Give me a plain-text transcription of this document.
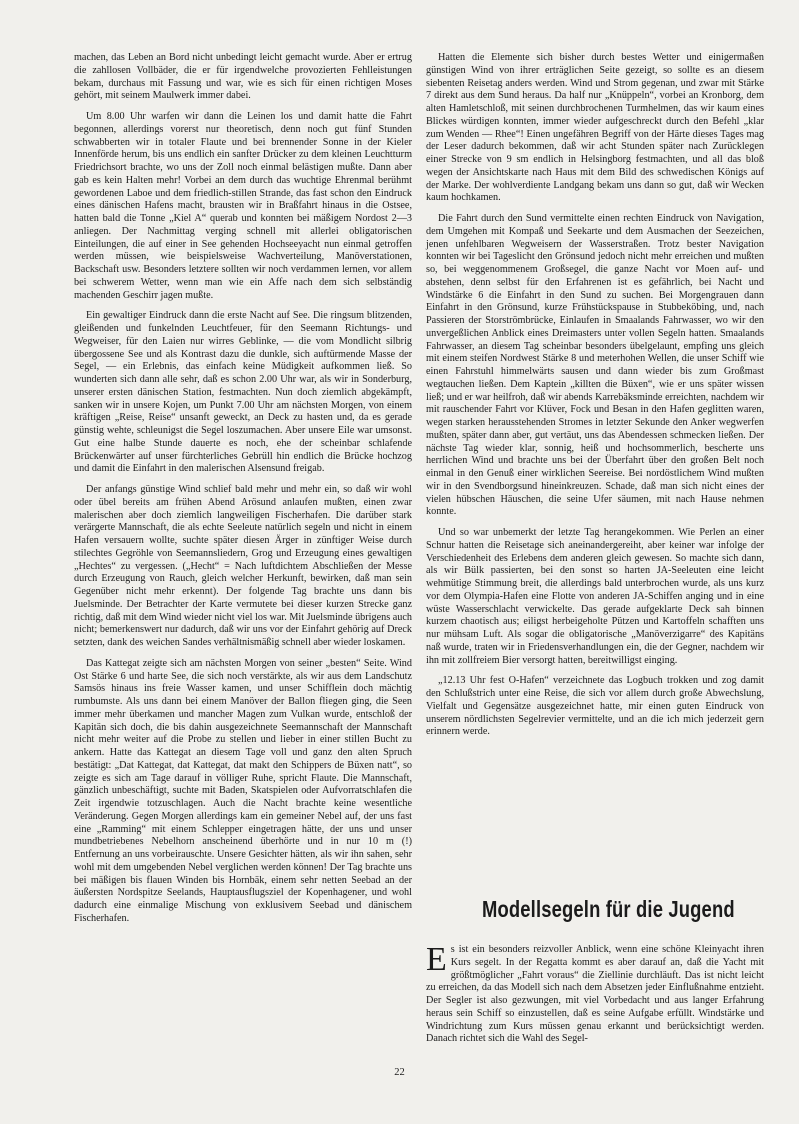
machen, das Leben an Bord nicht unbedingt leicht gemacht wurde. Aber er ertrug die zahllosen Vollbäder, die er für irgendwelche provozierten Fehlleistungen bekam, durchaus mit Fassung und war, wie es sich für einen richtigen Moses gehört, mit seinem Maulwerk immer dabei.

Um 8.00 Uhr warfen wir dann die Leinen los und damit hatte die Fahrt begonnen, allerdings vorerst nur theoretisch, denn noch gut fünf Stunden schwabberten wir in totaler Flaute und bei brennender Sonne in der Kieler Innenförde herum, bis uns endlich ein sanfter Drücker zu dem kleinen Leuchtturm Friedrichsort brachte, wo uns der Zoll noch einmal belästigen mußte. Dann aber gab es kein Halten mehr! Vorbei an dem durch das wuchtige Ehrenmal berühmt gewordenen Laboe und dem friedlich-stillen Strande, das fast schon den Eindruck eines dänischen Hafens macht, brausten wir in Braßfahrt hinaus in die Ostsee, hatten bald die Tonne „Kiel A“ querab und konnten bei mäßigem Nordost 2—3 anliegen. Der Nachmittag verging schnell mit allerlei obligatorischen Einteilungen, die auf einer in See gehenden Hochseeyacht nun einmal getroffen werden müssen, wie beispielsweise Wachverteilung, Manöverstationen, Backschaft usw. Besonders letztere sollten wir noch verdammen lernen, vor allem bei schwerem Wetter, wenn man wie ein Affe nach dem sich selbständig machenden Geschirr jagen mußte.

Ein gewaltiger Eindruck dann die erste Nacht auf See. Die ringsum blitzenden, gleißenden und funkelnden Leuchtfeuer, für den Seemann Richtungs- und Wegweiser, für den Laien nur wirres Geblinke, — die vom Mondlicht silbrig übergossene See und als Kontrast dazu die dunkle, sich auftürmende Masse der Segel, — ein Erlebnis, das einfach keine Müdigkeit aufkommen ließ. So wunderten sich dann alle sehr, daß es schon 2.00 Uhr war, als wir in Sonderburg, unserer ersten dänischen Station, festmachten. Nun doch ziemlich abgekämpft, sanken wir in unsere Kojen, um Punkt 7.00 Uhr am nächsten Morgen, von einem kräftigen „Reise, Reise“ unsanft geweckt, an Deck zu hasten und, da es gerade günstig wehte, schleunigst die Segel loszumachen. Aber unsere Eile war umsonst. Gut eine halbe Stunde dauerte es noch, ehe der scheinbar schlafende Brückenwärter auf unser fürchterliches Gebrüll hin endlich die Brücke hochzog und damit die Einfahrt in den malerischen Alsensund freigab.

Der anfangs günstige Wind schlief bald mehr und mehr ein, so daß wir wohl oder übel bereits am frühen Abend Arösund anlaufen mußten, einen zwar malerischen aber doch ziemlich langweiligen Fischerhafen. Die darüber stark verärgerte Mannschaft, die als echte Seeleute natürlich segeln und nicht in einem Hafen versauern wollte, suchte später diesen Ärger in zünftiger Weise durch stilechtes Gegröhle von Seemannsliedern, Grog und Erzeugung eines gewaltigen „Hechtes“ zu vergessen. („Hecht“ = Nach luftdichtem Abschließen der Messe durch Erzeugung von Rauch, gleich welcher Herkunft, bewirken, daß man sein Gegenüber nicht mehr erkennt). Der folgende Tag brachte uns dann bis Juelsminde. Der Betrachter der Karte vermutete bei dieser kurzen Strecke ganz richtig, daß mit dem Wind wieder nicht viel los war. Mit Juelsminde übrigens auch nicht; bemerkenswert nur dadurch, daß wir uns vor der Einfahrt gehörig auf Dreck setzten, dank des weichen Sandes verhältnismäßig schnell aber wieder loskamen.

Das Kattegat zeigte sich am nächsten Morgen von seiner „besten“ Seite. Wind Ost Stärke 6 und harte See, die sich noch verstärkte, als wir aus dem Landschutz Samsös hinaus ins freie Wasser kamen, und unser Schifflein doch mächtig rumbumste. Als uns dann bei einem Manöver der Ballon fliegen ging, die Seen immer mehr überkamen und mancher Magen zum Vulkan wurde, entschloß der Kapitän sich doch, die bis dahin ausgezeichnete Seemannschaft der Mannschaft nicht mehr weiter auf die Probe zu stellen und lieber in einer stillen Bucht zu ankern. Hatte das Kattegat an diesem Tage voll und ganz den alten Spruch bestätigt: „Dat Kattegat, dat Kattegat, dat makt den Schippers de Büxen natt“, so zeigte es sich am Tage darauf in völliger Ruhe, spricht Flaute. Die Mannschaft, gänzlich unbeschäftigt, suchte mit Baden, Skatspielen oder Aufvorratschlafen die Zeit irgendwie totzuschlagen. Auch die Nacht brachte keine wesentliche Veränderung. Gegen Morgen allerdings kam ein gemeiner Nebel auf, der uns fast eine „Ramming“ mit einem Schlepper eingetragen hätte, der uns und unser mundbetriebenes Nebelhorn anscheinend überhörte und in nur 10 m (!) Entfernung an uns vorbeirauschte. Unsere Gesichter hätten, als wir ihn sahen, sehr wohl mit dem umgebenden Nebel verglichen werden können! Der Tag brachte uns bei mäßigen bis flauen Winden bis Hornbäk, einem sehr netten Seebad an der äußersten Nordspitze Seelands, Hauptausflugsziel der Kopenhagener, und wohl dadurch eine einmalige Mischung von exklusivem Seebad und dänischem Fischerhafen.

Hatten die Elemente sich bisher durch bestes Wetter und einigermaßen günstigen Wind von ihrer erträglichen Seite gezeigt, so sollte es an diesem siebenten Reisetag anders werden. Wind und Strom gegenan, und zwar mit Stärke 7 direkt aus dem Sund heraus. Da half nur „Knüppeln“, vorbei an Kronborg, dem alten Hamletschloß, mit seinen durchbrochenen Turmhelmen, das wir kaum eines Blickes würdigen konnten, immer wieder aufgeschreckt durch den Befehl „klar zum Wenden — Rhee“! Einen ungefähren Begriff von der Härte dieses Tages mag der Leser dadurch bekommen, daß wir acht Stunden später nach Zurücklegen einer Strecke von 9 sm endlich in Helsingborg festmachten, und all das bloß wegen der Ansichtskarte nach Haus mit dem Bild des schwedischen Königs auf der Marke. Der wohlverdiente Landgang bekam uns dann so gut, daß wir Wecken kaum hochkamen.

Die Fahrt durch den Sund vermittelte einen rechten Eindruck von Navigation, dem Umgehen mit Kompaß und Seekarte und dem Ausmachen der Seezeichen, jenen unfehlbaren Wegweisern der Wasserstraßen. Trotz bester Navigation konnten wir bei Tageslicht den Grönsund jedoch nicht mehr erreichen und mußten so, bei weggenommenem Großsegel, die ganze Nacht vor Moen auf- und abstehen, denn selbst für den Erfahrenen ist es gefährlich, bei Nacht und Windstärke 6 die Einfahrt in den Sund zu suchen. Bei Morgengrauen dann Einfahrt in den Grönsund, kurze Frühstückspause in Stubbeköbing, und, nach Passieren der Storströmbrücke, Einlaufen in Smaalands Fahrwasser, wo wir den unvergeßlichen Anblick eines Dreimasters unter vollen Segeln hatten. Smaalands Fahrwasser, an diesem Tag scheinbar besonders übelgelaunt, empfing uns gleich mit einem steifen Nordwest Stärke 8 und meterhohen Wellen, die unser Schiff wie einen Fahrstuhl himmelwärts sausen und dann wieder bis zum Großmast wegtauchen ließen. Dem Kaptein „killten die Büxen“, wie er uns später wissen ließ; und er war heilfroh, daß wir abends Karrebäksminde erreichten, nachdem wir mit rauschender Fahrt vor Klüver, Fock und Besan in den Hafen geglitten waren, wegen starken herausstehenden Stromes in letzter Sekunde den Anker wegwerfen mußten, später dann aber, gut vertäut, uns das Abendessen schmecken ließen. Der nächste Tag wieder klar, sonnig, heiß und hochsommerlich, bescherte uns herrlichen Wind und brachte uns bei der Überfahrt über den großen Belt noch einmal in den Genuß einer wirklichen Seereise. Bei nordöstlichem Wind mußten wir in den Svendborgsund hineinkreuzen. Schade, daß man sich nicht eines der vielen hübschen Häuschen, die seine Ufer säumen, mit nach Hause nehmen konnte.

Und so war unbemerkt der letzte Tag herangekommen. Wie Perlen an einer Schnur hatten die Reisetage sich aneinandergereiht, aber keiner war infolge der Verschiedenheit des Erlebens dem anderen gleich gewesen. So machte sich dann, als wir Bülk passierten, bei den sonst so harten JA-Seeleuten eine leicht wehmütige Stimmung breit, die allerdings bald unterbrochen wurde, als uns kurz vor dem Olympia-Hafen eine Flotte von anderen JA-Schiffen anging und in eine wüste Wasserschlacht verwickelte. Das gerade aufgeklarte Deck sah binnen kurzem chaotisch aus; eiligst herbeigeholte Pützen und Kartoffeln schafften uns nur mühsam Luft. Als sogar die obligatorische „Manöverzigarre“ des Kapitäns naß wurde, traten wir in Friedensverhandlungen ein, die der Gegner, nachdem wir ihn mit zollfreiem Bier versorgt hatten, bereitwilligst einging.

„12.13 Uhr fest O-Hafen“ verzeichnete das Logbuch trokken und zog damit den Schlußstrich unter eine Reise, die sich vor allem durch große Abwechslung, Vielfalt und Gegensätze ausgezeichnet hatte, mir einen guten Eindruck von unserem nördlichsten Segelrevier vermittelte, und an die ich mich jederzeit gern erinnern werde.

Modellsegeln für die Jugend

Es ist ein besonders reizvoller Anblick, wenn eine schöne Kleinyacht ihren Kurs segelt. In der Regatta kommt es aber darauf an, daß die Yacht mit größtmöglicher „Fahrt voraus“ die Ziellinie durchläuft. Das ist nicht leicht zu erreichen, da das Modell sich nach dem Absetzen jeder Einflußnahme entzieht. Der Segler ist also gezwungen, mit viel Vorbedacht und aus langer Erfahrung heraus sein Schiff so einzustellen, daß es seine Aufgabe erfüllt. Windstärke und Windrichtung zum Kurs müssen genau erkannt und berücksichtigt werden. Danach richtet sich die Wahl des Segel-

22
